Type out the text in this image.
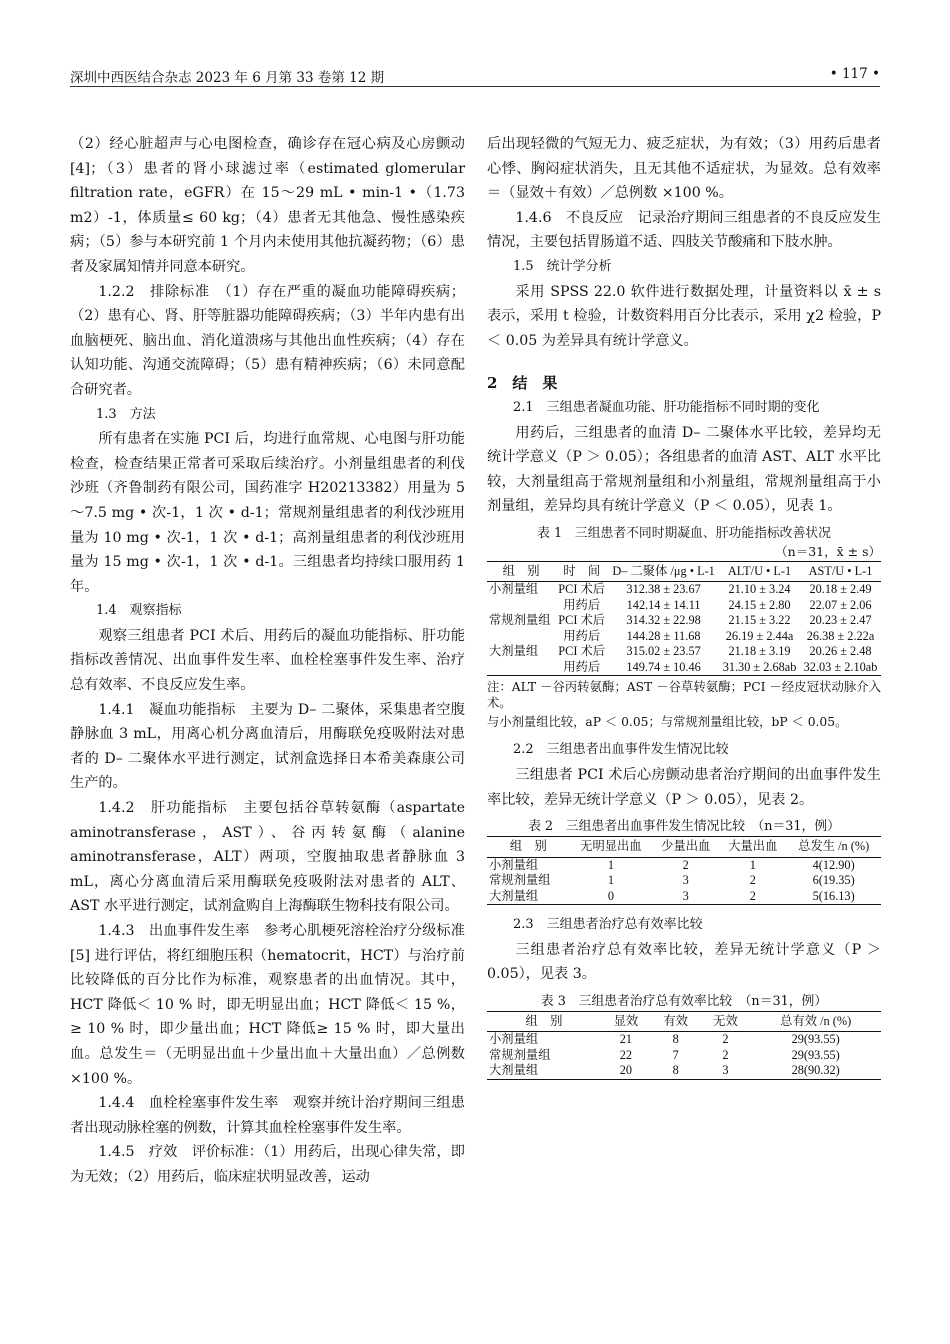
深圳中西医结合杂志 2023 年 6 月第 33 卷第 12 期	• 117 •

（2）经心脏超声与心电图检查，确诊存在冠心病及心房颤动 [4]；（3）患者的肾小球滤过率（estimated glomerular filtration rate，eGFR）在 15～29 mL • min-1 •（1.73 m2）-1，体质量≤ 60 kg；（4）患者无其他急、慢性感染疾病；（5）参与本研究前 1 个月内未使用其他抗凝药物；（6）患者及家属知情并同意本研究。

1.2.2　排除标准　（1）存在严重的凝血功能障碍疾病；（2）患有心、肾、肝等脏器功能障碍疾病；（3）半年内患有出血脑梗死、脑出血、消化道溃疡与其他出血性疾病；（4）存在认知功能、沟通交流障碍；（5）患有精神疾病；（6）未同意配合研究者。

1.3　方法

所有患者在实施 PCI 后，均进行血常规、心电图与肝功能检查，检查结果正常者可采取后续治疗。小剂量组患者的利伐沙班（齐鲁制药有限公司，国药准字 H20213382）用量为 5～7.5 mg • 次-1，1 次 • d-1；常规剂量组患者的利伐沙班用量为 10 mg • 次-1，1 次 • d-1；高剂量组患者的利伐沙班用量为 15 mg • 次-1，1 次 • d-1。三组患者均持续口服用药 1 年。

1.4　观察指标

观察三组患者 PCI 术后、用药后的凝血功能指标、肝功能指标改善情况、出血事件发生率、血栓栓塞事件发生率、治疗总有效率、不良反应发生率。

1.4.1　凝血功能指标　主要为 D– 二聚体，采集患者空腹静脉血 3 mL，用离心机分离血清后，用酶联免疫吸附法对患者的 D– 二聚体水平进行测定，试剂盒选择日本希美森康公司生产的。

1.4.2　肝功能指标　主要包括谷草转氨酶（aspartate aminotransferase，AST）、谷丙转氨酶（alanine aminotransferase，ALT）两项，空腹抽取患者静脉血 3 mL，离心分离血清后采用酶联免疫吸附法对患者的 ALT、AST 水平进行测定，试剂盒购自上海酶联生物科技有限公司。

1.4.3　出血事件发生率　参考心肌梗死溶栓治疗分级标准 [5] 进行评估，将红细胞压积（hematocrit，HCT）与治疗前比较降低的百分比作为标准，观察患者的出血情况。其中，HCT 降低＜ 10 % 时，即无明显出血；HCT 降低＜ 15 %，≥ 10 % 时，即少量出血；HCT 降低≥ 15 % 时，即大量出血。总发生＝（无明显出血＋少量出血＋大量出血）／总例数 ×100 %。

1.4.4　血栓栓塞事件发生率　观察并统计治疗期间三组患者出现动脉栓塞的例数，计算其血栓栓塞事件发生率。

1.4.5　疗效　评价标准：（1）用药后，出现心律失常，即为无效；（2）用药后，临床症状明显改善，运动

后出现轻微的气短无力、疲乏症状，为有效；（3）用药后患者心悸、胸闷症状消失，且无其他不适症状，为显效。总有效率＝（显效＋有效）／总例数 ×100 %。

1.4.6　不良反应　记录治疗期间三组患者的不良反应发生情况，主要包括胃肠道不适、四肢关节酸痛和下肢水肿。

1.5　统计学分析

采用 SPSS 22.0 软件进行数据处理，计量资料以 x̄ ± s 表示，采用 t 检验，计数资料用百分比表示，采用 χ2 检验，P ＜ 0.05 为差异具有统计学意义。

2　结　果

2.1　三组患者凝血功能、肝功能指标不同时期的变化

用药后，三组患者的血清 D– 二聚体水平比较，差异均无统计学意义（P ＞ 0.05）；各组患者的血清 AST、ALT 水平比较，大剂量组高于常规剂量组和小剂量组，常规剂量组高于小剂量组，差异均具有统计学意义（P ＜ 0.05），见表 1。

表 1　三组患者不同时期凝血、肝功能指标改善状况
（n＝31，x̄ ± s）
组　别	时　间	D– 二聚体 /μg • L-1	ALT/U • L-1	AST/U • L-1
小剂量组	PCI 术后	312.38 ± 23.67	21.10 ± 3.24	20.18 ± 2.49
	用药后	142.14 ± 14.11	24.15 ± 2.80	22.07 ± 2.06
常规剂量组	PCI 术后	314.32 ± 22.98	21.15 ± 3.22	20.23 ± 2.47
	用药后	144.28 ± 11.68	26.19 ± 2.44a	26.38 ± 2.22a
大剂量组	PCI 术后	315.02 ± 23.57	21.18 ± 3.19	20.26 ± 2.48
	用药后	149.74 ± 10.46	31.30 ± 2.68ab	32.03 ± 2.10ab
注：ALT －谷丙转氨酶；AST －谷草转氨酶；PCI －经皮冠状动脉介入术。
与小剂量组比较，aP ＜ 0.05；与常规剂量组比较，bP ＜ 0.05。

2.2　三组患者出血事件发生情况比较

三组患者 PCI 术后心房颤动患者治疗期间的出血事件发生率比较，差异无统计学意义（P ＞ 0.05），见表 2。

表 2　三组患者出血事件发生情况比较　（n＝31，例）
组　别	无明显出血	少量出血	大量出血	总发生 /n (%)
小剂量组	1	2	1	4(12.90)
常规剂量组	1	3	2	6(19.35)
大剂量组	0	3	2	5(16.13)

2.3　三组患者治疗总有效率比较

三组患者治疗总有效率比较，差异无统计学意义（P ＞ 0.05），见表 3。

表 3　三组患者治疗总有效率比较　（n＝31，例）
组　别	显效	有效	无效	总有效 /n (%)
小剂量组	21	8	2	29(93.55)
常规剂量组	22	7	2	29(93.55)
大剂量组	20	8	3	28(90.32)
